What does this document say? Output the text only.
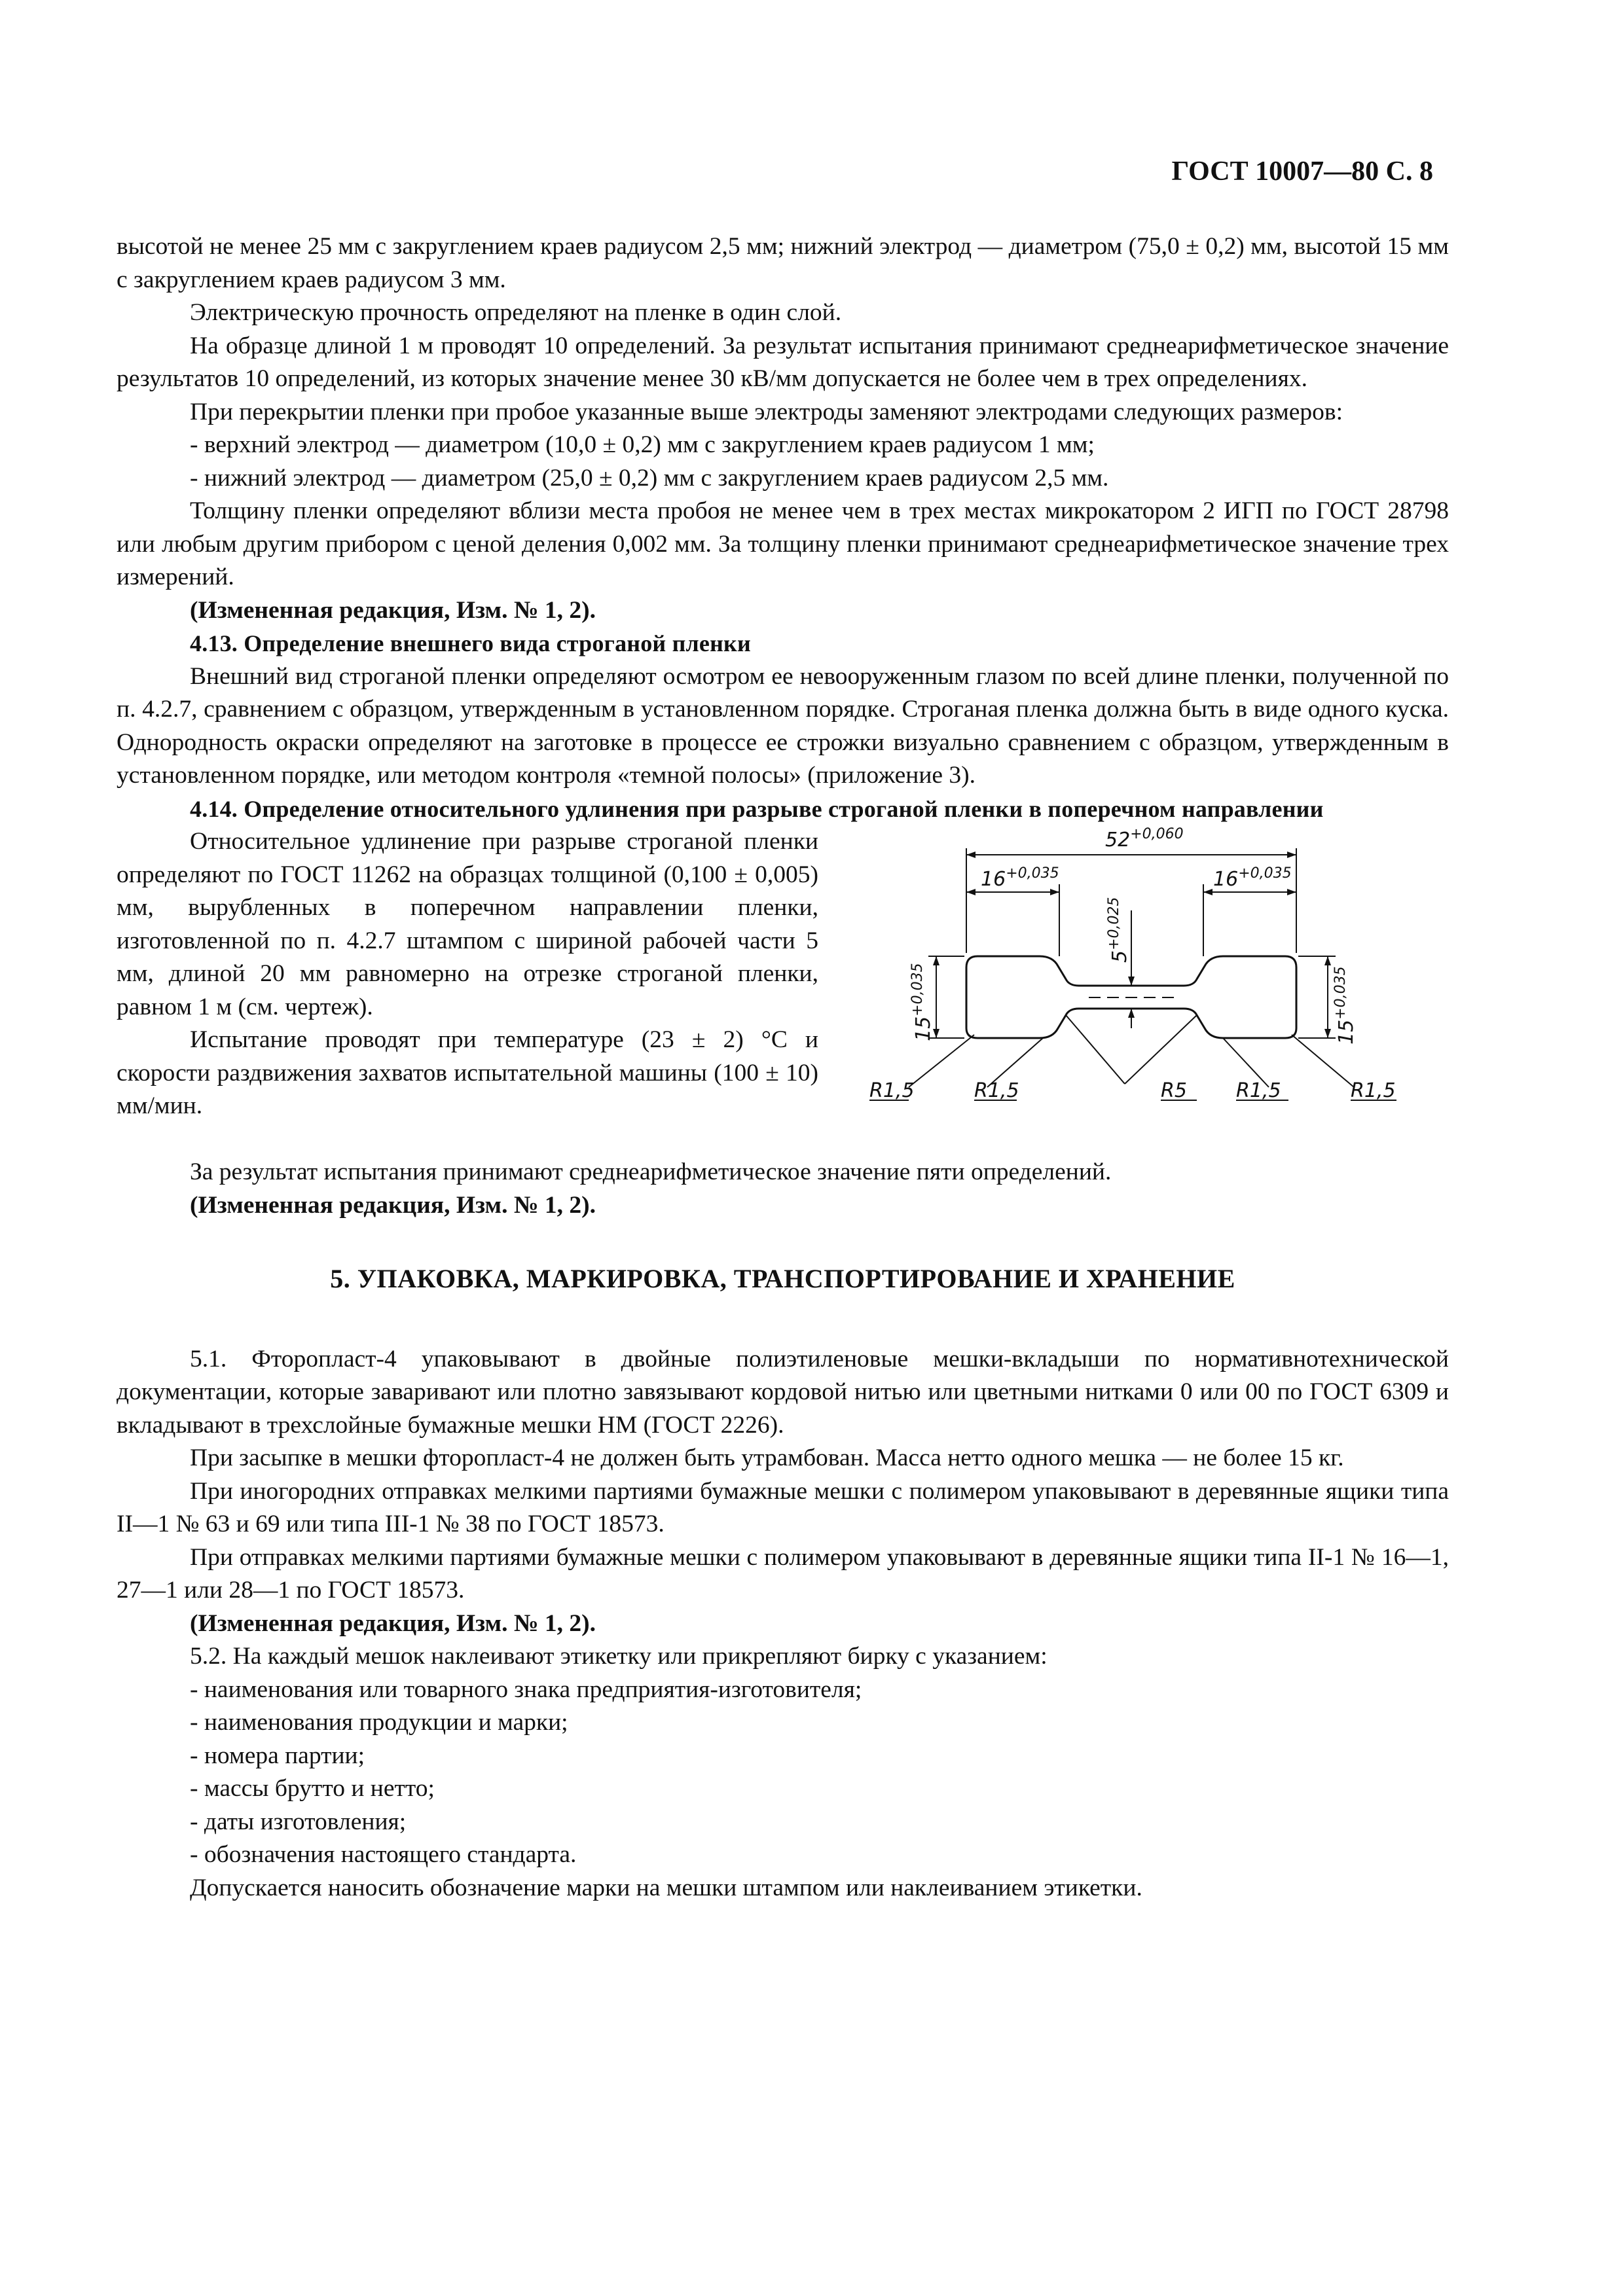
ГОСТ 10007—80 С. 8

высотой не менее 25 мм с закруглением краев радиусом 2,5 мм; нижний электрод — диаметром (75,0 ± 0,2) мм, высотой 15 мм с закруглением краев радиусом 3 мм.

Электрическую прочность определяют на пленке в один слой.

На образце длиной 1 м проводят 10 определений. За результат испытания принимают среднеарифметическое значение результатов 10 определений, из которых значение менее 30 кВ/мм допускается не более чем в трех определениях.

При перекрытии пленки при пробое указанные выше электроды заменяют электродами следующих размеров:

- верхний электрод — диаметром (10,0 ± 0,2) мм с закруглением краев радиусом 1 мм;

- нижний электрод — диаметром (25,0 ± 0,2) мм с закруглением краев радиусом 2,5 мм.

Толщину пленки определяют вблизи места пробоя не менее чем в трех местах микрокатором 2 ИГП по ГОСТ 28798 или любым другим прибором с ценой деления 0,002 мм. За толщину пленки принимают среднеарифметическое значение трех измерений.

(Измененная редакция, Изм. № 1, 2).

4.13. Определение внешнего вида строганой пленки

Внешний вид строганой пленки определяют осмотром ее невооруженным глазом по всей длине пленки, полученной по п. 4.2.7, сравнением с образцом, утвержденным в установленном порядке. Строганая пленка должна быть в виде одного куска. Однородность окраски определяют на заготовке в процессе ее строжки визуально сравнением с образцом, утвержденным в установленном порядке, или методом контроля «темной полосы» (приложение 3).

4.14. Определение относительного удлинения при разрыве строганой пленки в поперечном направлении

Относительное удлинение при разрыве строганой пленки определяют по ГОСТ 11262 на образцах толщиной (0,100 ± 0,005) мм, вырубленных в поперечном направлении пленки, изготовленной по п. 4.2.7 штампом с шириной рабочей части 5 мм, длиной 20 мм равномерно на отрезке строганой пленки, равном 1 м (см. чертеж).

Испытание проводят при температуре (23 ± 2) °С и скорости раздвижения захватов испытательной машины (100 ± 10) мм/мин.

$52^{+0,060}$
$16^{+0,035}$	$16^{+0,035}$
$5^{+0,025}$
$15^{+0,035}$
$15^{+0,035}$
R1,5	R1,5	R5	R1,5	R1,5

За результат испытания принимают среднеарифметическое значение пяти определений.

(Измененная редакция, Изм. № 1, 2).

5. УПАКОВКА, МАРКИРОВКА, ТРАНСПОРТИРОВАНИЕ И ХРАНЕНИЕ

5.1. Фторопласт-4 упаковывают в двойные полиэтиленовые мешки-вкладыши по нормативнотехнической документации, которые заваривают или плотно завязывают кордовой нитью или цветными нитками 0 или 00 по ГОСТ 6309 и вкладывают в трехслойные бумажные мешки НМ (ГОСТ 2226).

При засыпке в мешки фторопласт-4 не должен быть утрамбован. Масса нетто одного мешка — не более 15 кг.

При иногородних отправках мелкими партиями бумажные мешки с полимером упаковывают в деревянные ящики типа II—1 № 63 и 69 или типа III-1 № 38 по ГОСТ 18573.

При отправках мелкими партиями бумажные мешки с полимером упаковывают в деревянные ящики типа II-1 № 16—1, 27—1 или 28—1 по ГОСТ 18573.

(Измененная редакция, Изм. № 1, 2).

5.2. На каждый мешок наклеивают этикетку или прикрепляют бирку с указанием:

- наименования или товарного знака предприятия-изготовителя;

- наименования продукции и марки;

- номера партии;

- массы брутто и нетто;

- даты изготовления;

- обозначения настоящего стандарта.

Допускается наносить обозначение марки на мешки штампом или наклеиванием этикетки.
